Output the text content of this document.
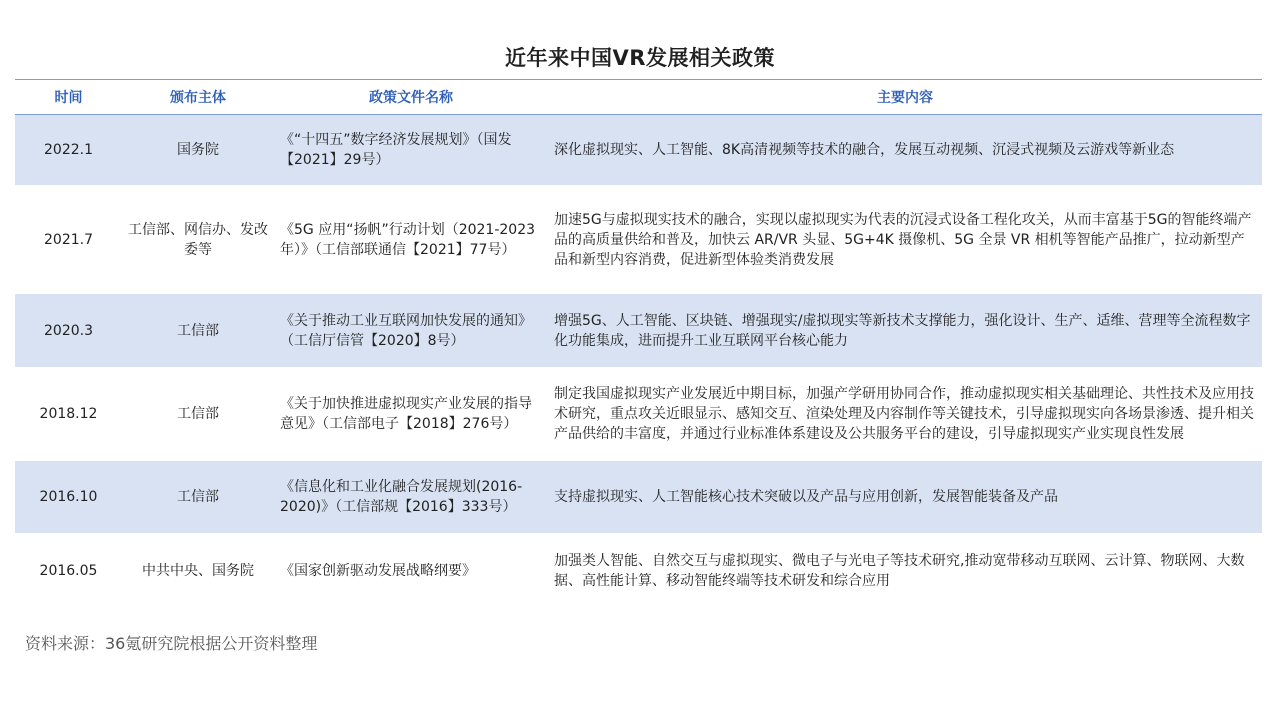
近年来中国VR发展相关政策
时间	颁布主体	政策文件名称	主要内容
2022.1	国务院	《“十四五”数字经济发展规划》（国发【2021】29号）	深化虚拟现实、人工智能、8K高清视频等技术的融合，发展互动视频、沉浸式视频及云游戏等新业态
2021.7	工信部、网信办、发改委等	《5G 应用“扬帆”行动计划（2021-2023 年）》（工信部联通信【2021】77号）	加速5G与虚拟现实技术的融合，实现以虚拟现实为代表的沉浸式设备工程化攻关，从而丰富基于5G的智能终端产品的高质量供给和普及，加快云 AR/VR 头显、5G+4K 摄像机、5G 全景 VR 相机等智能产品推广，拉动新型产品和新型内容消费，促进新型体验类消费发展
2020.3	工信部	《关于推动工业互联网加快发展的通知》（工信厅信管【2020】8号）	增强5G、人工智能、区块链、增强现实/虚拟现实等新技术支撑能力，强化设计、生产、适维、营理等全流程数字化功能集成，进而提升工业互联网平台核心能力
2018.12	工信部	《关于加快推进虚拟现实产业发展的指导意见》（工信部电子【2018】276号）	制定我国虚拟现实产业发展近中期目标，加强产学研用协同合作，推动虚拟现实相关基础理论、共性技术及应用技术研究，重点攻关近眼显示、感知交互、渲染处理及内容制作等关键技术，引导虚拟现实向各场景渗透、提升相关产品供给的丰富度，并通过行业标准体系建设及公共服务平台的建设，引导虚拟现实产业实现良性发展
2016.10	工信部	《信息化和工业化融合发展规划(2016-2020)》（工信部规【2016】333号）	支持虚拟现实、人工智能核心技术突破以及产品与应用创新，发展智能装备及产品
2016.05	中共中央、国务院	《国家创新驱动发展战略纲要》	加强类人智能、自然交互与虚拟现实、微电子与光电子等技术研究,推动宽带移动互联网、云计算、物联网、大数据、高性能计算、移动智能终端等技术研发和综合应用
资料来源：36氪研究院根据公开资料整理
